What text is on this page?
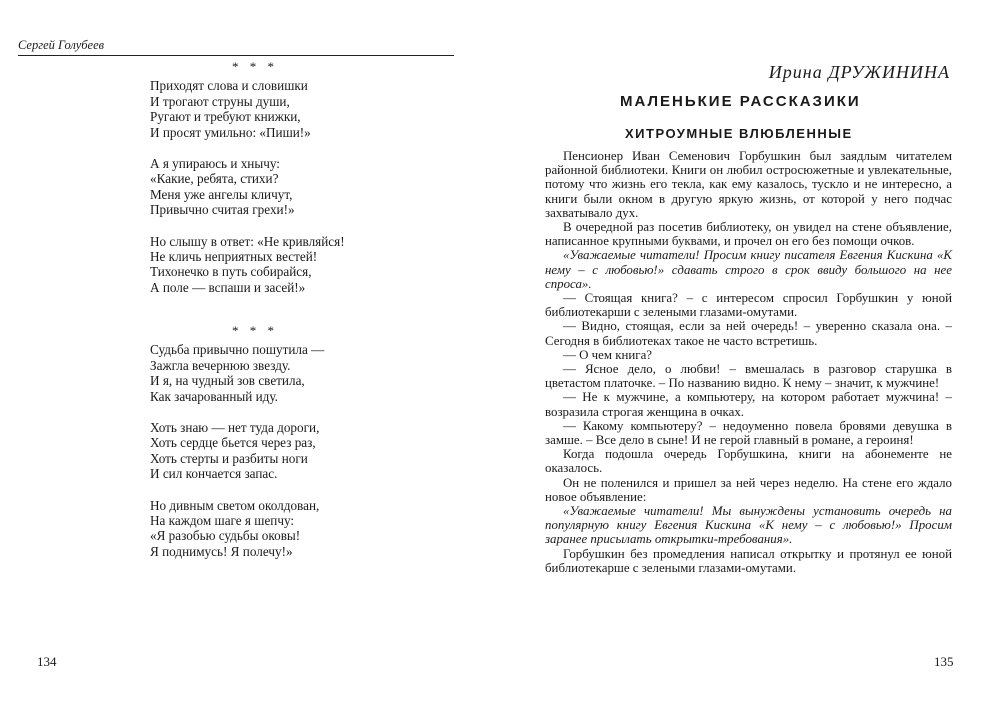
Сергей Голубеев
* * *
Приходят слова и словишки
И трогают струны души,
Ругают и требуют книжки,
И просят умильно: «Пиши!»
А я упираюсь и хнычу:
«Какие, ребята, стихи?
Меня уже ангелы кличут,
Привычно считая грехи!»
Но слышу в ответ: «Не кривляйся!
Не кличь неприятных вестей!
Тихонечко в путь собирайся,
А поле — вспаши и засей!»
* * *
Судьба привычно пошутила —
Зажгла вечернюю звезду.
И я, на чудный зов светила,
Как зачарованный иду.
Хоть знаю — нет туда дороги,
Хоть сердце бьется через раз,
Хоть стерты и разбиты ноги
И сил кончается запас.
Но дивным светом околдован,
На каждом шаге я шепчу:
«Я разобью судьбы оковы!
Я поднимусь! Я полечу!»
134
Ирина ДРУЖИНИНА
МАЛЕНЬКИЕ РАССКАЗИКИ
ХИТРОУМНЫЕ ВЛЮБЛЕННЫЕ

Пенсионер Иван Семенович Горбушкин был заядлым читателем районной библиотеки. Книги он любил остросюжетные и увлекательные, потому что жизнь его текла, как ему казалось, тускло и не интересно, а книги были окном в другую яркую жизнь, от которой у него подчас захватывало дух.

В очередной раз посетив библиотеку, он увидел на стене объявление, написанное крупными буквами, и прочел он его без помощи очков.

«Уважаемые читатели! Просим книгу писателя Евгения Кискина «К нему – с любовью!» сдавать строго в срок ввиду большого на нее спроса».

— Стоящая книга? – с интересом спросил Горбушкин у юной библиотекарши с зелеными глазами-омутами.

— Видно, стоящая, если за ней очередь! – уверенно сказала она. – Сегодня в библиотеках такое не часто встретишь.

— О чем книга?

— Ясное дело, о любви! – вмешалась в разговор старушка в цветастом платочке. – По названию видно. К нему – значит, к мужчине!

— Не к мужчине, а компьютеру, на котором работает мужчина! – возразила строгая женщина в очках.

— Какому компьютеру? – недоуменно повела бровями девушка в замше. – Все дело в сыне! И не герой главный в романе, а героиня!

Когда подошла очередь Горбушкина, книги на абонементе не оказалось.

Он не поленился и пришел за ней через неделю. На стене его ждало новое объявление:

«Уважаемые читатели! Мы вынуждены установить очередь на популярную книгу Евгения Кискина «К нему – с любовью!» Просим заранее присылать открытки-требования».

Горбушкин без промедления написал открытку и протянул ее юной библиотекарше с зелеными глазами-омутами.

135
